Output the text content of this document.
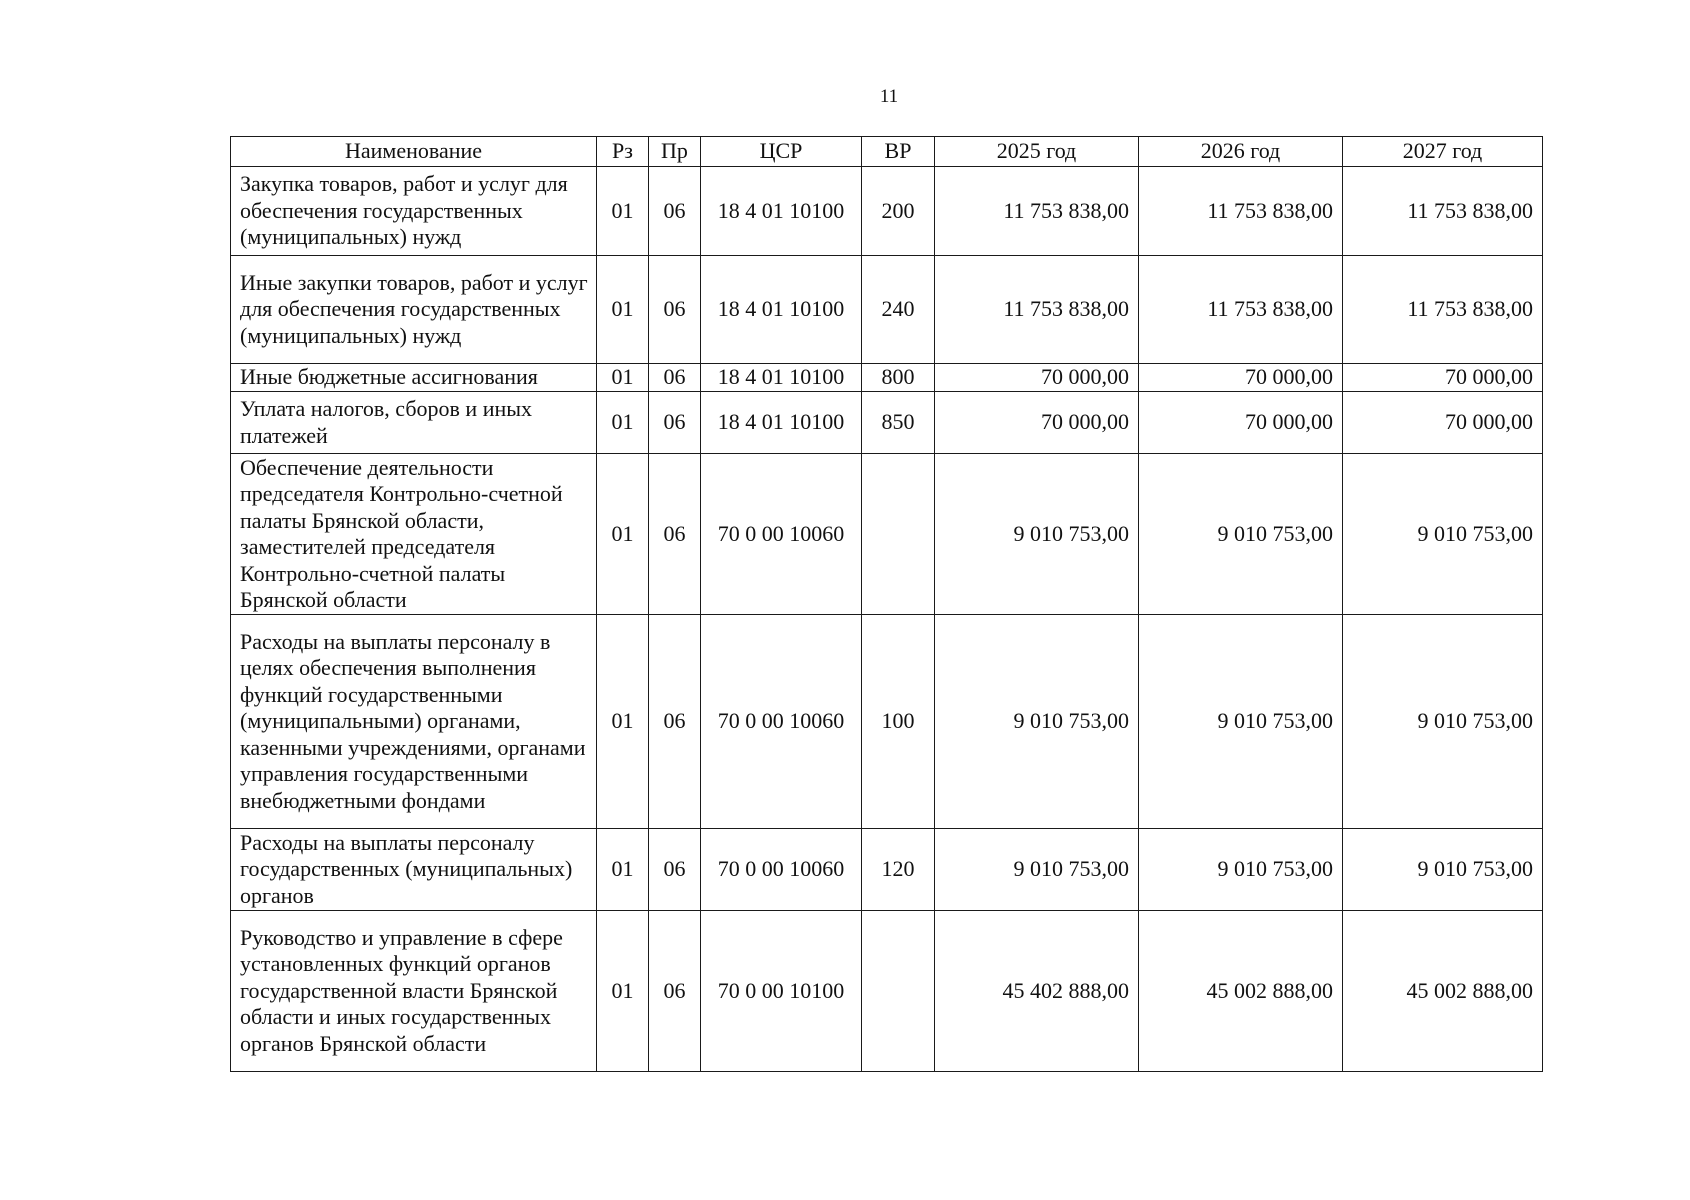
11
Наименование	Рз	Пр	ЦСР	ВР	2025 год	2026 год	2027 год
Закупка товаров, работ и услуг для обеспечения государственных (муниципальных) нужд	01	06	18 4 01 10100	200	11 753 838,00	11 753 838,00	11 753 838,00
Иные закупки товаров, работ и услуг для обеспечения государственных (муниципальных) нужд	01	06	18 4 01 10100	240	11 753 838,00	11 753 838,00	11 753 838,00
Иные бюджетные ассигнования	01	06	18 4 01 10100	800	70 000,00	70 000,00	70 000,00
Уплата налогов, сборов и иных платежей	01	06	18 4 01 10100	850	70 000,00	70 000,00	70 000,00
Обеспечение деятельности председателя Контрольно-счетной палаты Брянской области, заместителей председателя Контрольно-счетной палаты Брянской области	01	06	70 0 00 10060		9 010 753,00	9 010 753,00	9 010 753,00
Расходы на выплаты персоналу в целях обеспечения выполнения функций государственными (муниципальными) органами, казенными учреждениями, органами управления государственными внебюджетными фондами	01	06	70 0 00 10060	100	9 010 753,00	9 010 753,00	9 010 753,00
Расходы на выплаты персоналу государственных (муниципальных) органов	01	06	70 0 00 10060	120	9 010 753,00	9 010 753,00	9 010 753,00
Руководство и управление в сфере установленных функций органов государственной власти Брянской области и иных государственных органов Брянской области	01	06	70 0 00 10100		45 402 888,00	45 002 888,00	45 002 888,00
